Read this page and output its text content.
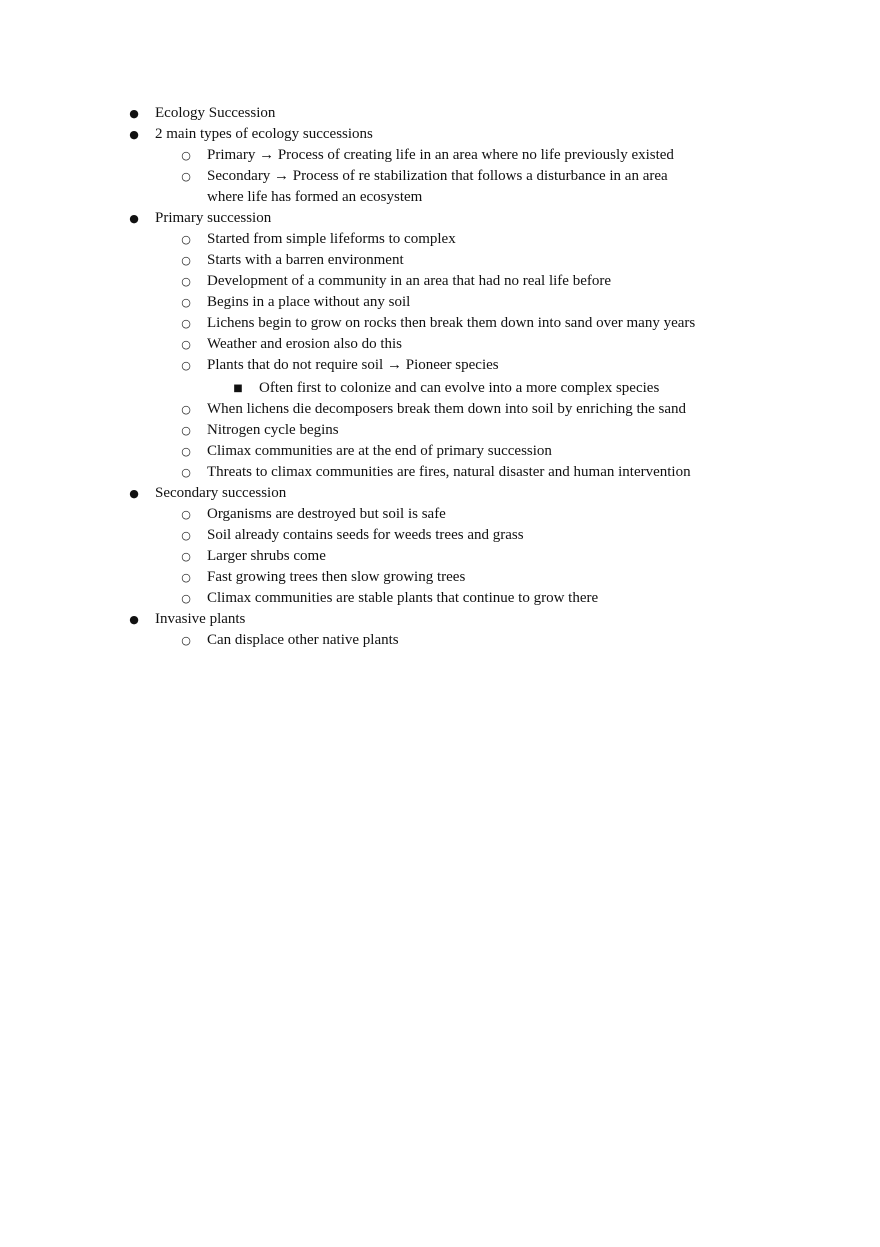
● Ecology Succession
● 2 main types of ecology successions
○ Primary → Process of creating life in an area where no life previously existed
○ Secondary → Process of re stabilization that follows a disturbance in an area where life has formed an ecosystem
● Primary succession
○ Started from simple lifeforms to complex
○ Starts with a barren environment
○ Development of a community in an area that had no real life before
○ Begins in a place without any soil
○ Lichens begin to grow on rocks then break them down into sand over many years
○ Weather and erosion also do this
○ Plants that do not require soil → Pioneer species
■ Often first to colonize and can evolve into a more complex species
○ When lichens die decomposers break them down into soil by enriching the sand
○ Nitrogen cycle begins
○ Climax communities are at the end of primary succession
○ Threats to climax communities are fires, natural disaster and human intervention
● Secondary succession
○ Organisms are destroyed but soil is safe
○ Soil already contains seeds for weeds trees and grass
○ Larger shrubs come
○ Fast growing trees then slow growing trees
○ Climax communities are stable plants that continue to grow there
● Invasive plants
○ Can displace other native plants
